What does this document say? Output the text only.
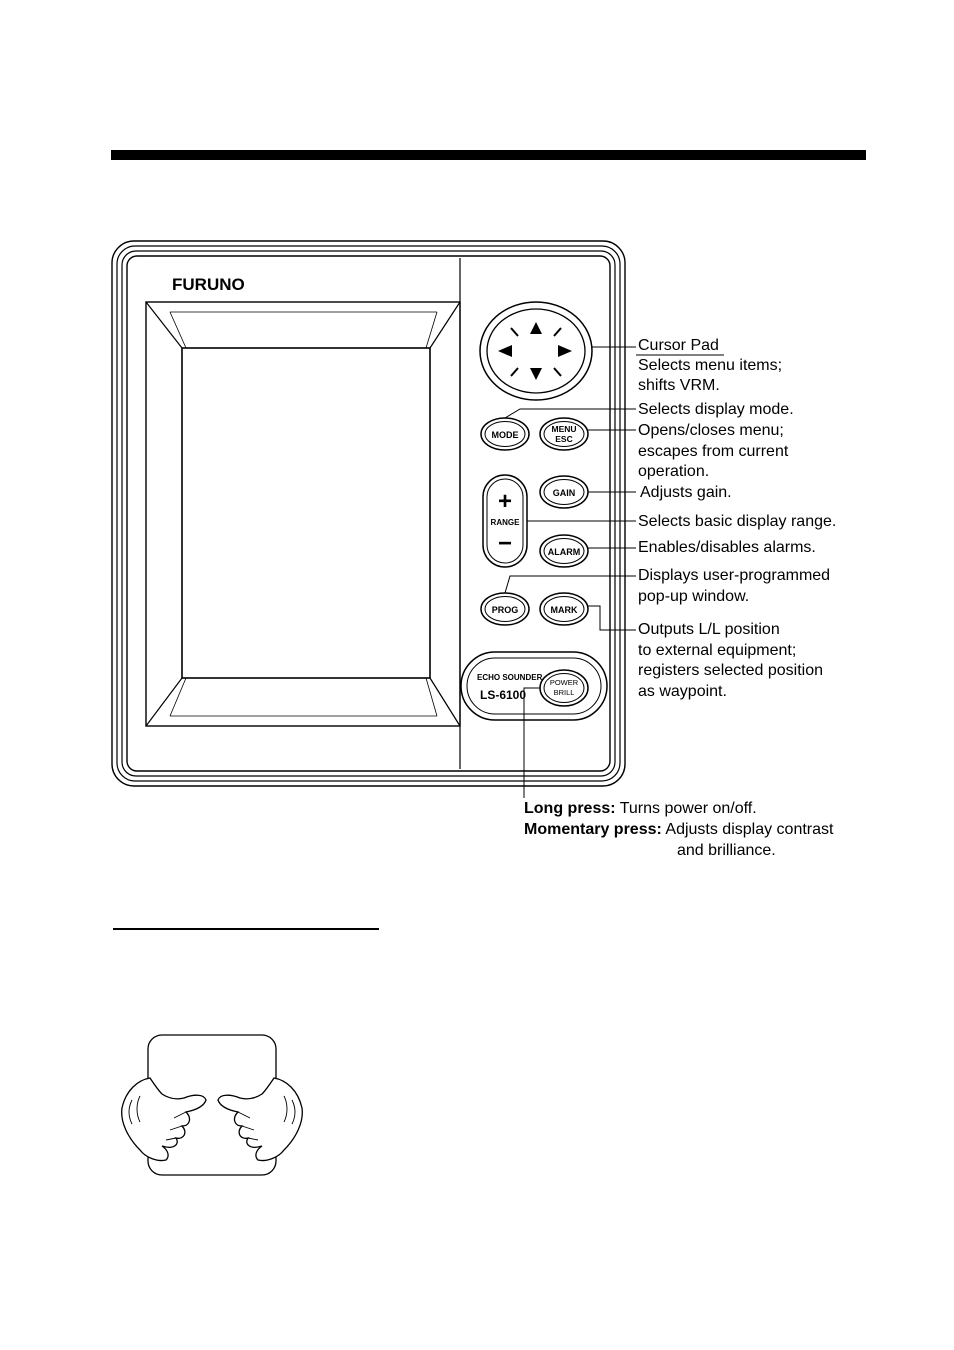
FURUNO
MODE
MENU
ESC
GAIN
+
RANGE
−	ALARM
PROG	MARK
ECHO SOUNDER
LS-6100
POWER
BRILL
Cursor Pad
Selects menu items;
shifts VRM.
Selects display mode.
Opens/closes menu;
escapes from current
operation.
Adjusts gain.
Selects basic display range.
Enables/disables alarms.
Displays user-programmed
pop-up window.
Outputs L/L position
to external equipment;
registers selected position
as waypoint.
Long press: Turns power on/off.
Momentary press: Adjusts display contrast
and brilliance.
